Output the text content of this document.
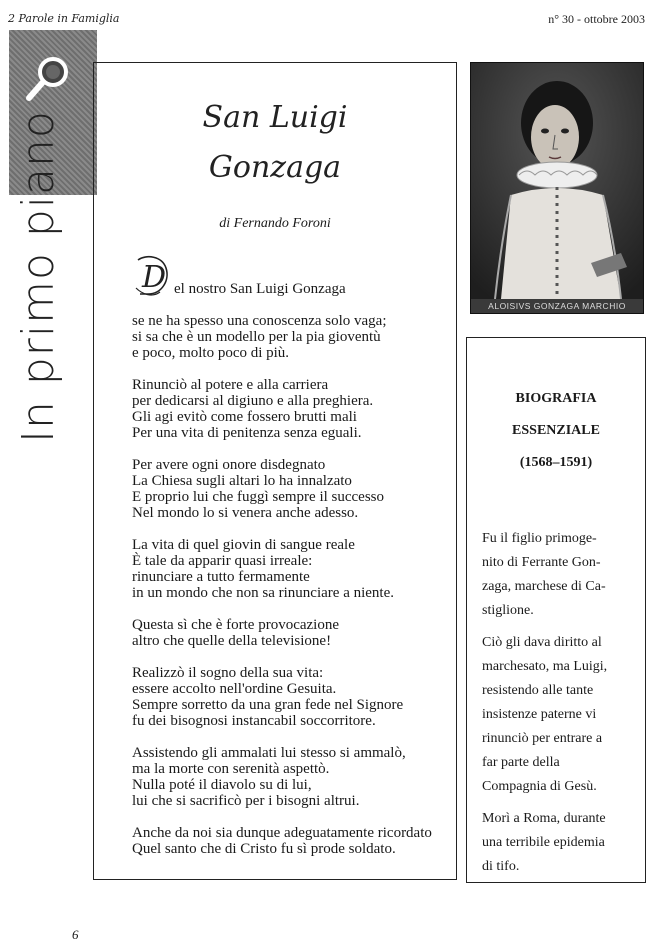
2 Parole in Famiglia	n° 30 - ottobre 2003
In primo piano	San Luigi
Gonzaga
di Fernando Foroni
D el nostro San Luigi Gonzaga
se ne ha spesso una conoscenza solo vaga;
si sa che è un modello per la pia gioventù
e poco, molto poco di più.
Rinunciò al potere e alla carriera
per dedicarsi al digiuno e alla preghiera.
Gli agi evitò come fossero brutti mali
Per una vita di penitenza senza eguali.
Per avere ogni onore disdegnato
La Chiesa sugli altari lo ha innalzato
E proprio lui che fuggì sempre il successo
Nel mondo lo si venera anche adesso.
La vita di quel giovin di sangue reale
È tale da apparir quasi irreale:
rinunciare a tutto fermamente
in un mondo che non sa rinunciare a niente.
Questa sì che è forte provocazione
altro che quelle della televisione!
Realizzò il sogno della sua vita:
essere accolto nell'ordine Gesuita.
Sempre sorretto da una gran fede nel Signore
fu dei bisognosi instancabil soccorritore.
Assistendo gli ammalati lui stesso si ammalò,
ma la morte con serenità aspettò.
Nulla poté il diavolo su di lui,
lui che si sacrificò per i bisogni altrui.
Anche da noi sia dunque adeguatamente ricordato
Quel santo che di Cristo fu sì prode soldato.
ALOISIVS GONZAGA MARCHIO
BIOGRAFIA
ESSENZIALE
(1568–1591)
Fu il figlio primoge-
nito di Ferrante Gon-
zaga, marchese di Ca-
stiglione.
Ciò gli dava diritto al
marchesato, ma Luigi,
resistendo alle tante
insistenze paterne vi
rinunciò per entrare a
far parte della
Compagnia di Gesù.
Morì a Roma, durante
una terribile epidemia
di tifo.
6
